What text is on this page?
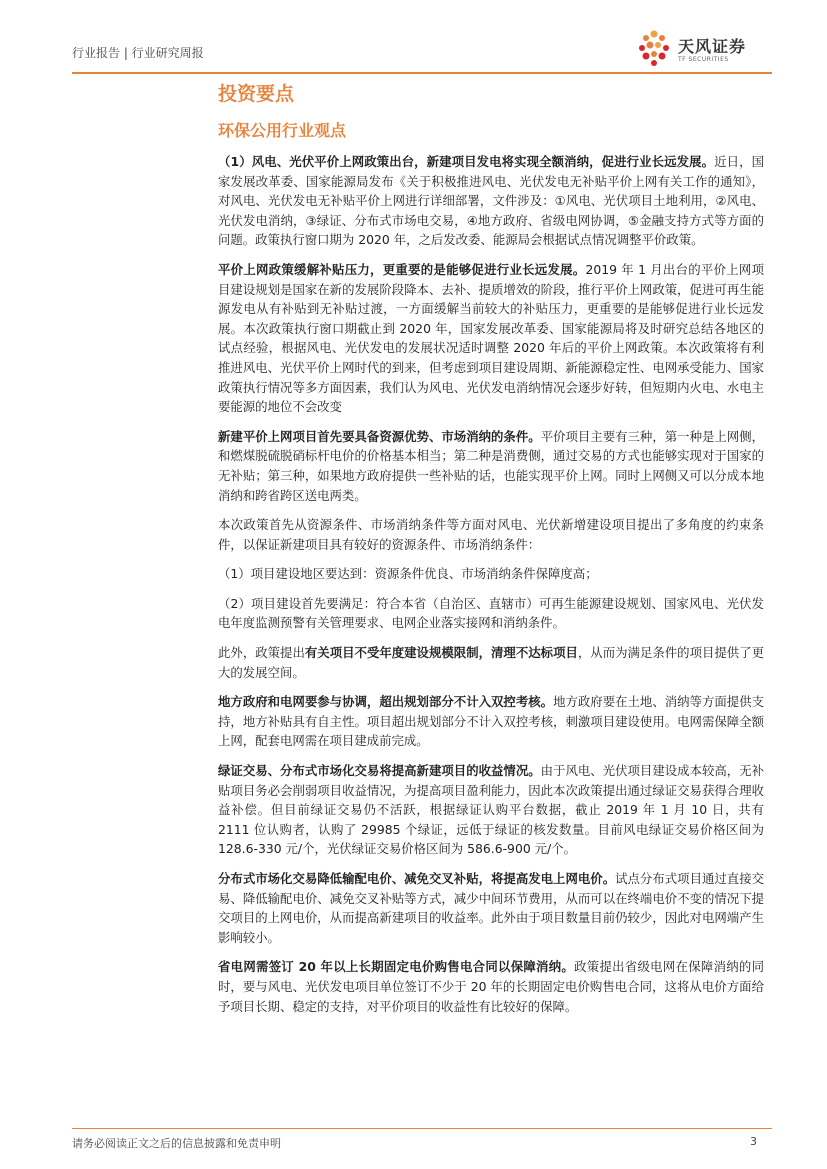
行业报告 | 行业研究周报	天风证券
TF SECURITIES
投资要点
环保公用行业观点

（1）风电、光伏平价上网政策出台，新建项目发电将实现全额消纳，促进行业长远发展。近日，国家发展改革委、国家能源局发布《关于积极推进风电、光伏发电无补贴平价上网有关工作的通知》，对风电、光伏发电无补贴平价上网进行详细部署，文件涉及：①风电、光伏项目土地利用，②风电、光伏发电消纳，③绿证、分布式市场电交易，④地方政府、省级电网协调，⑤金融支持方式等方面的问题。政策执行窗口期为 2020 年，之后发改委、能源局会根据试点情况调整平价政策。

平价上网政策缓解补贴压力，更重要的是能够促进行业长远发展。2019 年 1 月出台的平价上网项目建设规划是国家在新的发展阶段降本、去补、提质增效的阶段，推行平价上网政策，促进可再生能源发电从有补贴到无补贴过渡，一方面缓解当前较大的补贴压力，更重要的是能够促进行业长远发展。本次政策执行窗口期截止到 2020 年，国家发展改革委、国家能源局将及时研究总结各地区的试点经验，根据风电、光伏发电的发展状况适时调整 2020 年后的平价上网政策。本次政策将有利推进风电、光伏平价上网时代的到来，但考虑到项目建设周期、新能源稳定性、电网承受能力、国家政策执行情况等多方面因素，我们认为风电、光伏发电消纳情况会逐步好转，但短期内火电、水电主要能源的地位不会改变

新建平价上网项目首先要具备资源优势、市场消纳的条件。平价项目主要有三种，第一种是上网侧，和燃煤脱硫脱硝标杆电价的价格基本相当；第二种是消费侧，通过交易的方式也能够实现对于国家的无补贴；第三种，如果地方政府提供一些补贴的话，也能实现平价上网。同时上网侧又可以分成本地消纳和跨省跨区送电两类。

本次政策首先从资源条件、市场消纳条件等方面对风电、光伏新增建设项目提出了多角度的约束条件，以保证新建项目具有较好的资源条件、市场消纳条件：

（1）项目建设地区要达到：资源条件优良、市场消纳条件保障度高；

（2）项目建设首先要满足：符合本省（自治区、直辖市）可再生能源建设规划、国家风电、光伏发电年度监测预警有关管理要求、电网企业落实接网和消纳条件。

此外，政策提出有关项目不受年度建设规模限制，清理不达标项目，从而为满足条件的项目提供了更大的发展空间。

地方政府和电网要参与协调，超出规划部分不计入双控考核。地方政府要在土地、消纳等方面提供支持，地方补贴具有自主性。项目超出规划部分不计入双控考核，刺激项目建设使用。电网需保障全额上网，配套电网需在项目建成前完成。

绿证交易、分布式市场化交易将提高新建项目的收益情况。由于风电、光伏项目建设成本较高，无补贴项目务必会削弱项目收益情况，为提高项目盈利能力，因此本次政策提出通过绿证交易获得合理收益补偿。但目前绿证交易仍不活跃，根据绿证认购平台数据，截止 2019 年 1 月 10 日，共有 2111 位认购者，认购了 29985 个绿证，远低于绿证的核发数量。目前风电绿证交易价格区间为 128.6-330 元/个，光伏绿证交易价格区间为 586.6-900 元/个。

分布式市场化交易降低输配电价、减免交叉补贴，将提高发电上网电价。试点分布式项目通过直接交易、降低输配电价、减免交叉补贴等方式，减少中间环节费用，从而可以在终端电价不变的情况下提交项目的上网电价，从而提高新建项目的收益率。此外由于项目数量目前仍较少，因此对电网端产生影响较小。

省电网需签订 20 年以上长期固定电价购售电合同以保障消纳。政策提出省级电网在保障消纳的同时，要与风电、光伏发电项目单位签订不少于 20 年的长期固定电价购售电合同，这将从电价方面给予项目长期、稳定的支持，对平价项目的收益性有比较好的保障。

请务必阅读正文之后的信息披露和免责申明	3
